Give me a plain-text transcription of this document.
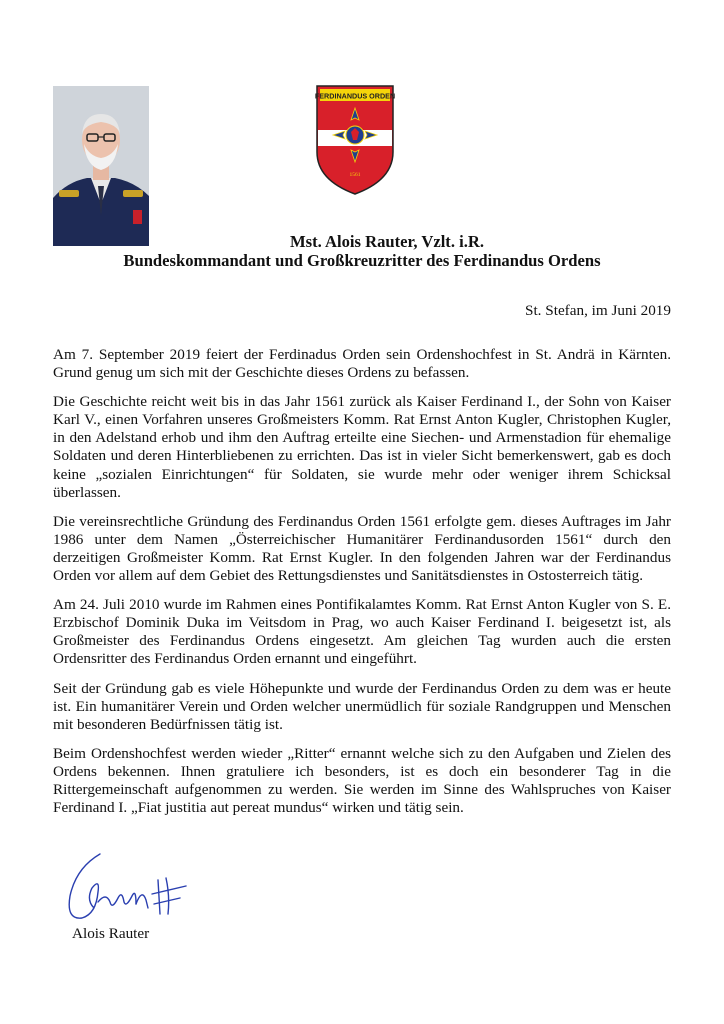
FERDINANDUS ORDEN
1561
Mst. Alois Rauter, Vzlt. i.R.
Bundeskommandant und Großkreuzritter des Ferdinandus Ordens
St. Stefan, im Juni 2019

Am 7. September 2019 feiert der Ferdinadus Orden sein Ordenshochfest in St. Andrä in Kärnten. Grund genug um sich mit der Geschichte dieses Ordens zu befassen.

Die Geschichte reicht weit bis in das Jahr 1561 zurück als Kaiser Ferdinand I., der Sohn von Kaiser Karl V., einen Vorfahren unseres Großmeisters Komm. Rat Ernst Anton Kugler, Christophen Kugler, in den Adelstand erhob und ihm den Auftrag erteilte eine Siechen- und Armenstadion für ehemalige Soldaten und deren Hinterbliebenen zu errichten. Das ist in vieler Sicht bemerkenswert, gab es doch keine „sozialen Einrichtungen“ für Soldaten, sie wurde mehr oder weniger ihrem Schicksal überlassen.

Die vereinsrechtliche Gründung des Ferdinandus Orden 1561 erfolgte gem. dieses Auftrages im Jahr 1986 unter dem Namen „Österreichischer Humanitärer Ferdinandusorden 1561“ durch den derzeitigen Großmeister Komm. Rat Ernst Kugler. In den folgenden Jahren war der Ferdinandus Orden vor allem auf dem Gebiet des Rettungsdienstes und Sanitätsdienstes in Ostosterreich tätig.

Am 24. Juli 2010 wurde im Rahmen eines Pontifikalamtes Komm. Rat Ernst Anton Kugler von S. E. Erzbischof Dominik Duka im Veitsdom in Prag, wo auch Kaiser Ferdinand I. beigesetzt ist, als Großmeister des Ferdinandus Ordens eingesetzt. Am gleichen Tag wurden auch die ersten Ordensritter des Ferdinandus Orden ernannt und eingeführt.

Seit der Gründung gab es viele Höhepunkte und wurde der Ferdinandus Orden zu dem was er heute ist. Ein humanitärer Verein und Orden welcher unermüdlich für soziale Randgruppen und Menschen mit besonderen Bedürfnissen tätig ist.

Beim Ordenshochfest werden wieder „Ritter“ ernannt welche sich zu den Aufgaben und Zielen des Ordens bekennen. Ihnen gratuliere ich besonders, ist es doch ein besonderer Tag in die Rittergemeinschaft aufgenommen zu werden. Sie werden im Sinne des Wahlspruches von Kaiser Ferdinand I. „Fiat justitia aut pereat mundus“ wirken und tätig sein.

Alois Rauter
